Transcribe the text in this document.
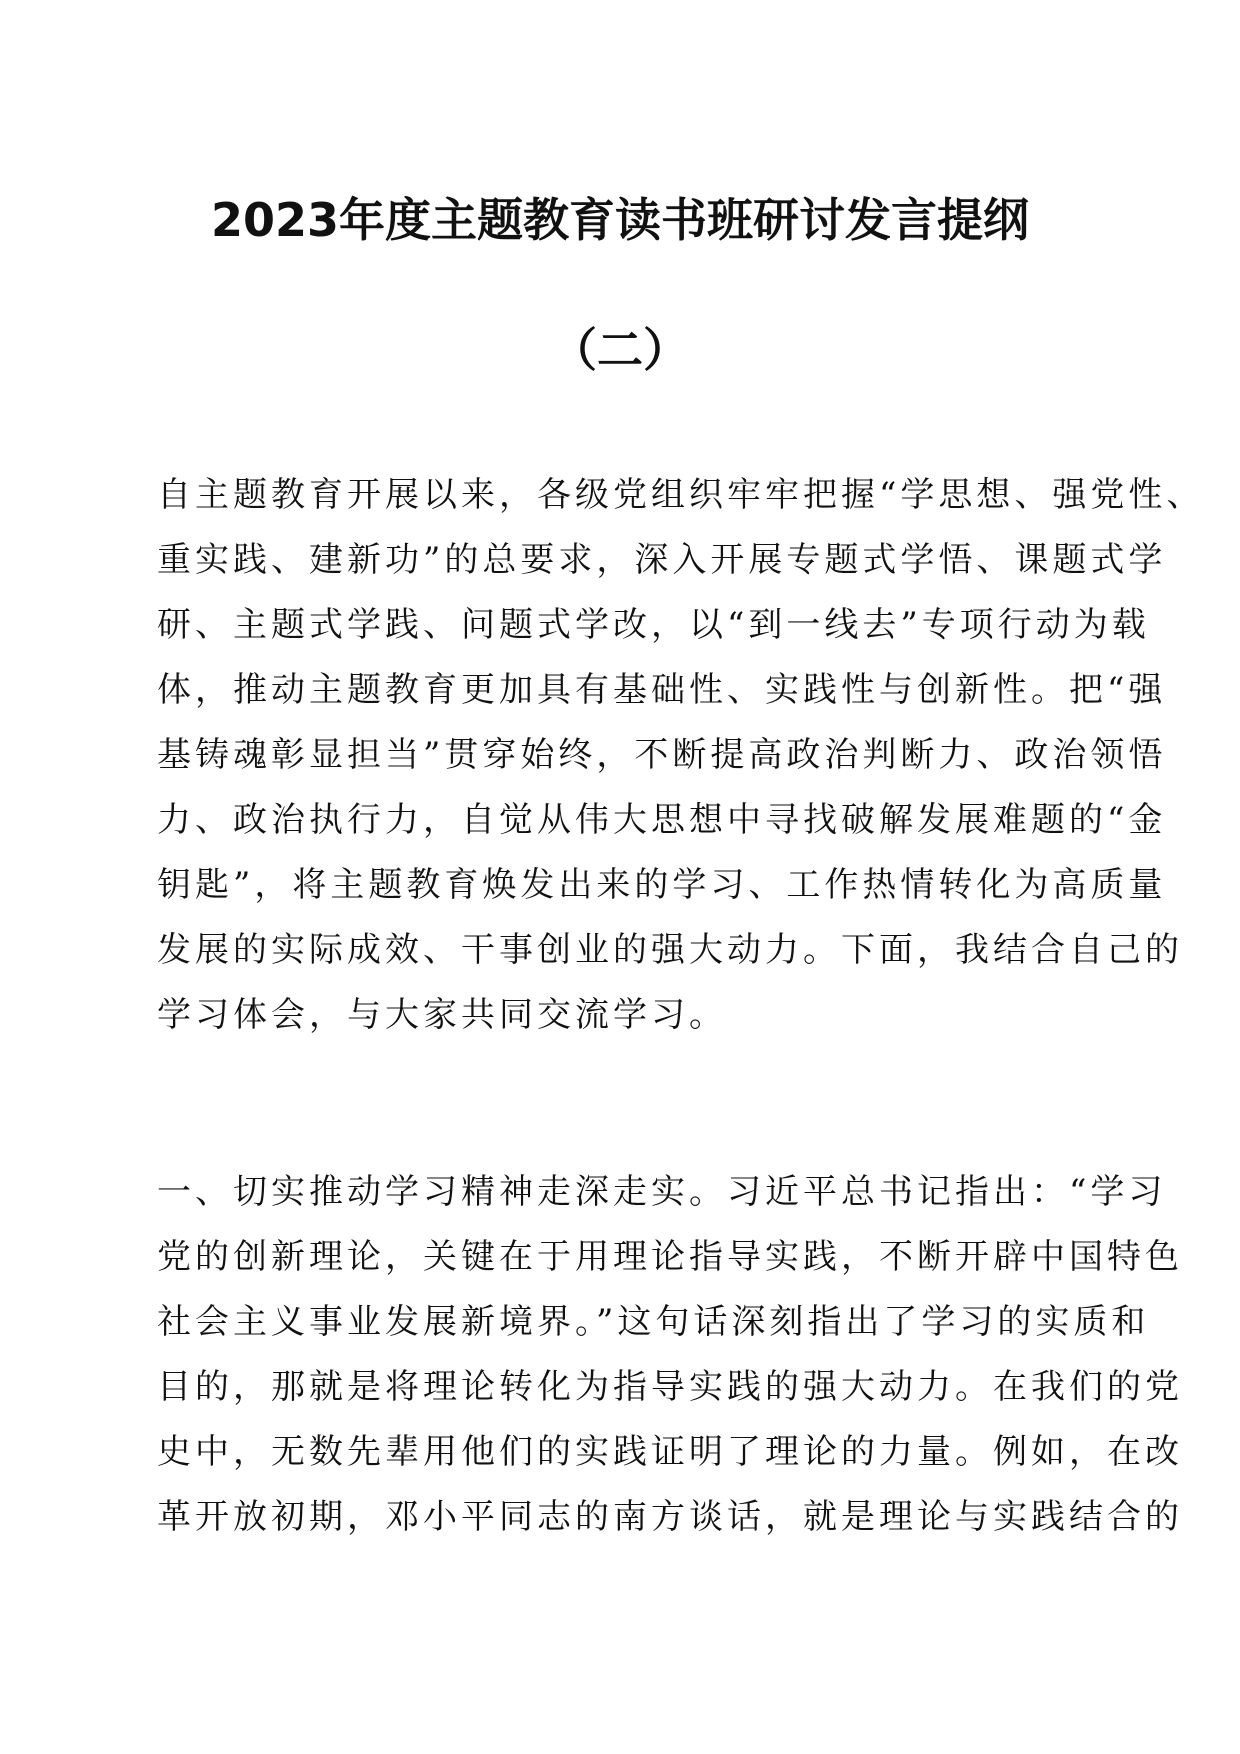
2023年度主题教育读书班研讨发言提纲
（二）
自主题教育开展以来，各级党组织牢牢把握“学思想、强党性、
重实践、建新功”的总要求，深入开展专题式学悟、课题式学
研、主题式学践、问题式学改，以“到一线去”专项行动为载
体，推动主题教育更加具有基础性、实践性与创新性。把“强
基铸魂彰显担当”贯穿始终，不断提高政治判断力、政治领悟
力、政治执行力，自觉从伟大思想中寻找破解发展难题的“金
钥匙”，将主题教育焕发出来的学习、工作热情转化为高质量
发展的实际成效、干事创业的强大动力。下面，我结合自己的
学习体会，与大家共同交流学习。
一、切实推动学习精神走深走实。习近平总书记指出：“学习
党的创新理论，关键在于用理论指导实践，不断开辟中国特色
社会主义事业发展新境界。”这句话深刻指出了学习的实质和
目的，那就是将理论转化为指导实践的强大动力。在我们的党
史中，无数先辈用他们的实践证明了理论的力量。例如，在改
革开放初期，邓小平同志的南方谈话，就是理论与实践结合的
